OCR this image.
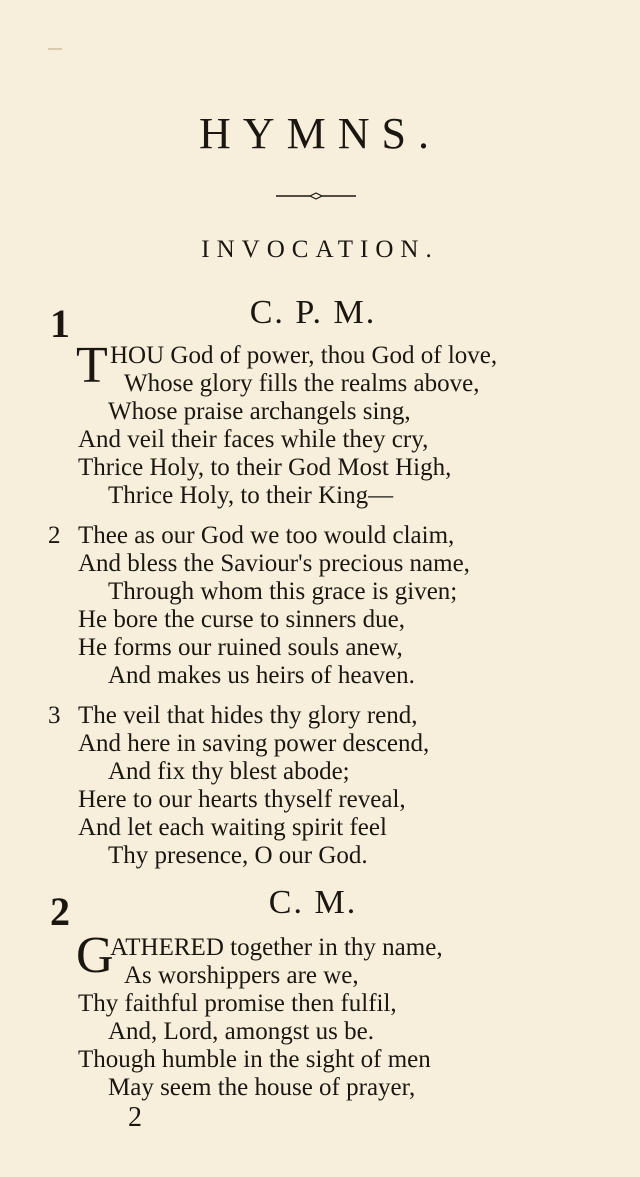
HYMNS.
INVOCATION.
1	C. P. M.
T HOU God of power, thou God of love,
Whose glory fills the realms above,
Whose praise archangels sing,
And veil their faces while they cry,
Thrice Holy, to their God Most High,
Thrice Holy, to their King—
2 Thee as our God we too would claim,
And bless the Saviour's precious name,
Through whom this grace is given;
He bore the curse to sinners due,
He forms our ruined souls anew,
And makes us heirs of heaven.
3 The veil that hides thy glory rend,
And here in saving power descend,
And fix thy blest abode;
Here to our hearts thyself reveal,
And let each waiting spirit feel
Thy presence, O our God.
2	C. M.
G
ATHERED together in thy name,
As worshippers are we,
Thy faithful promise then fulfil,
And, Lord, amongst us be.
Though humble in the sight of men
May seem the house of prayer,
2
